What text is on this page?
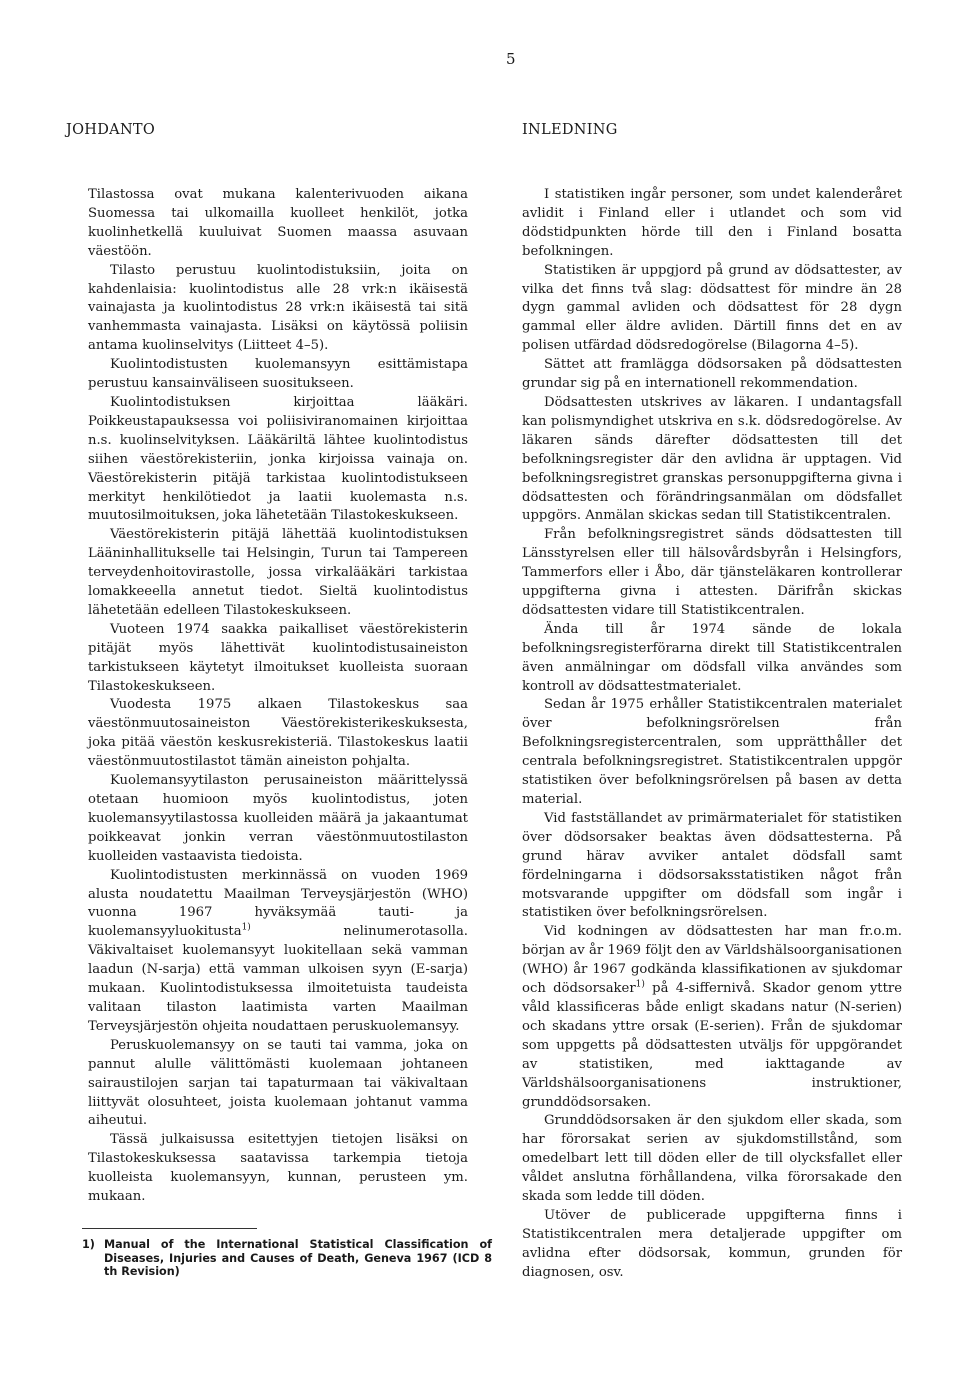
5
JOHDANTO

Tilastossa ovat mukana kalenterivuoden aikana Suomessa tai ulkomailla kuolleet henkilöt, jotka kuolinhetkellä kuuluivat Suomen maassa asuvaan väestöön.

Tilasto perustuu kuolintodistuksiin, joita on kahdenlaisia: kuolintodistus alle 28 vrk:n ikäisestä vainajasta ja kuolintodistus 28 vrk:n ikäisestä tai sitä vanhemmasta vainajasta. Lisäksi on käytössä poliisin antama kuolinselvitys (Liitteet 4–5).

Kuolintodistusten kuolemansyyn esittämistapa perustuu kansainväliseen suositukseen.

Kuolintodistuksen kirjoittaa lääkäri. Poikkeustapauksessa voi poliisiviranomainen kirjoittaa n.s. kuolinselvityksen. Lääkäriltä lähtee kuolintodistus siihen väestörekisteriin, jonka kirjoissa vainaja on. Väestörekisterin pitäjä tarkistaa kuolintodistukseen merkityt henkilötiedot ja laatii kuolemasta n.s. muutosilmoituksen, joka lähetetään Tilastokeskukseen.

Väestörekisterin pitäjä lähettää kuolintodistuksen Lääninhallitukselle tai Helsingin, Turun tai Tampereen terveydenhoitovirastolle, jossa virkalääkäri tarkistaa lomakkeeella annetut tiedot. Sieltä kuolintodistus lähetetään edelleen Tilastokeskukseen.

Vuoteen 1974 saakka paikalliset väestörekisterin pitäjät myös lähettivät kuolintodistusaineiston tarkistukseen käytetyt ilmoitukset kuolleista suoraan Tilastokeskukseen.

Vuodesta 1975 alkaen Tilastokeskus saa väestönmuutosaineiston Väestörekisterikeskuksesta, joka pitää väestön keskusrekisteriä. Tilastokeskus laatii väestönmuutostilastot tämän aineiston pohjalta.

Kuolemansyytilaston perusaineiston määrittelyssä otetaan huomioon myös kuolintodistus, joten kuolemansyytilastossa kuolleiden määrä ja jakaantumat poikkeavat jonkin verran väestönmuutostilaston kuolleiden vastaavista tiedoista.

Kuolintodistusten merkinnässä on vuoden 1969 alusta noudatettu Maailman Terveysjärjestön (WHO) vuonna 1967 hyväksymää tauti- ja kuolemansyyluokitusta$^{1)}$ nelinumerotasolla. Väkivaltaiset kuolemansyyt luokitellaan sekä vamman laadun (N-sarja) että vamman ulkoisen syyn (E-sarja) mukaan. Kuolintodistuksessa ilmoitetuista taudeista valitaan tilaston laatimista varten Maailman Terveysjärjestön ohjeita noudattaen peruskuolemansyy.

Peruskuolemansyy on se tauti tai vamma, joka on pannut alulle välittömästi kuolemaan johtaneen sairaustilojen sarjan tai tapaturmaan tai väkivaltaan liittyvät olosuhteet, joista kuolemaan johtanut vamma aiheutui.

Tässä julkaisussa esitettyjen tietojen lisäksi on Tilastokeskuksessa saatavissa tarkempia tietoja kuolleista kuolemansyyn, kunnan, perusteen ym. mukaan.

INLEDNING

I statistiken ingår personer, som undet kalenderåret avlidit i Finland eller i utlandet och som vid dödstidpunkten hörde till den i Finland bosatta befolkningen.

Statistiken är uppgjord på grund av dödsattester, av vilka det finns två slag: dödsattest för mindre än 28 dygn gammal avliden och dödsattest för 28 dygn gammal eller äldre avliden. Därtill finns det en av polisen utfärdad dödsredogörelse (Bilagorna 4–5).

Sättet att framlägga dödsorsaken på dödsattesten grundar sig på en internationell rekommendation.

Dödsattesten utskrives av läkaren. I undantagsfall kan polismyndighet utskriva en s.k. dödsredogörelse. Av läkaren sänds därefter dödsattesten till det befolkningsregister där den avlidna är upptagen. Vid befolkningsregistret granskas personuppgifterna givna i dödsattesten och förändringsanmälan om dödsfallet uppgörs. Anmälan skickas sedan till Statistikcentralen.

Från befolkningsregistret sänds dödsattesten till Länsstyrelsen eller till hälsovårdsbyrån i Helsingfors, Tammerfors eller i Åbo, där tjänsteläkaren kontrollerar uppgifterna givna i attesten. Därifrån skickas dödsattesten vidare till Statistikcentralen.

Ända till år 1974 sände de lokala befolkningsregisterförarna direkt till Statistikcentralen även anmälningar om dödsfall vilka användes som kontroll av dödsattestmaterialet.

Sedan år 1975 erhåller Statistikcentralen materialet över befolkningsrörelsen från Befolkningsregistercentralen, som upprätthåller det centrala befolkningsregistret. Statistikcentralen uppgör statistiken över befolkningsrörelsen på basen av detta material.

Vid fastställandet av primärmaterialet för statistiken över dödsorsaker beaktas även dödsattesterna. På grund härav avviker antalet dödsfall samt fördelningarna i dödsorsaksstatistiken något från motsvarande uppgifter om dödsfall som ingår i statistiken över befolkningsrörelsen.

Vid kodningen av dödsattesten har man fr.o.m. början av år 1969 följt den av Världshälsoorganisationen (WHO) år 1967 godkända klassifikationen av sjukdomar och dödsorsaker$^{1)}$ på 4-siffernivå. Skador genom yttre våld klassificeras både enligt skadans natur (N-serien) och skadans yttre orsak (E-serien). Från de sjukdomar som uppgetts på dödsattesten utväljs för uppgörandet av statistiken, med iakttagande av Världshälsoorganisationens instruktioner, grunddödsorsaken.

Grunddödsorsaken är den sjukdom eller skada, som har förorsakat serien av sjukdomstillstånd, som omedelbart lett till döden eller de till olycksfallet eller våldet anslutna förhållandena, vilka förorsakade den skada som ledde till döden.

Utöver de publicerade uppgifterna finns i Statistikcentralen mera detaljerade uppgifter om avlidna efter dödsorsak, kommun, grunden för diagnosen, osv.

1) Manual of the International Statistical Classification of Diseases, Injuries and Causes of Death, Geneva 1967 (ICD 8 th Revision)
